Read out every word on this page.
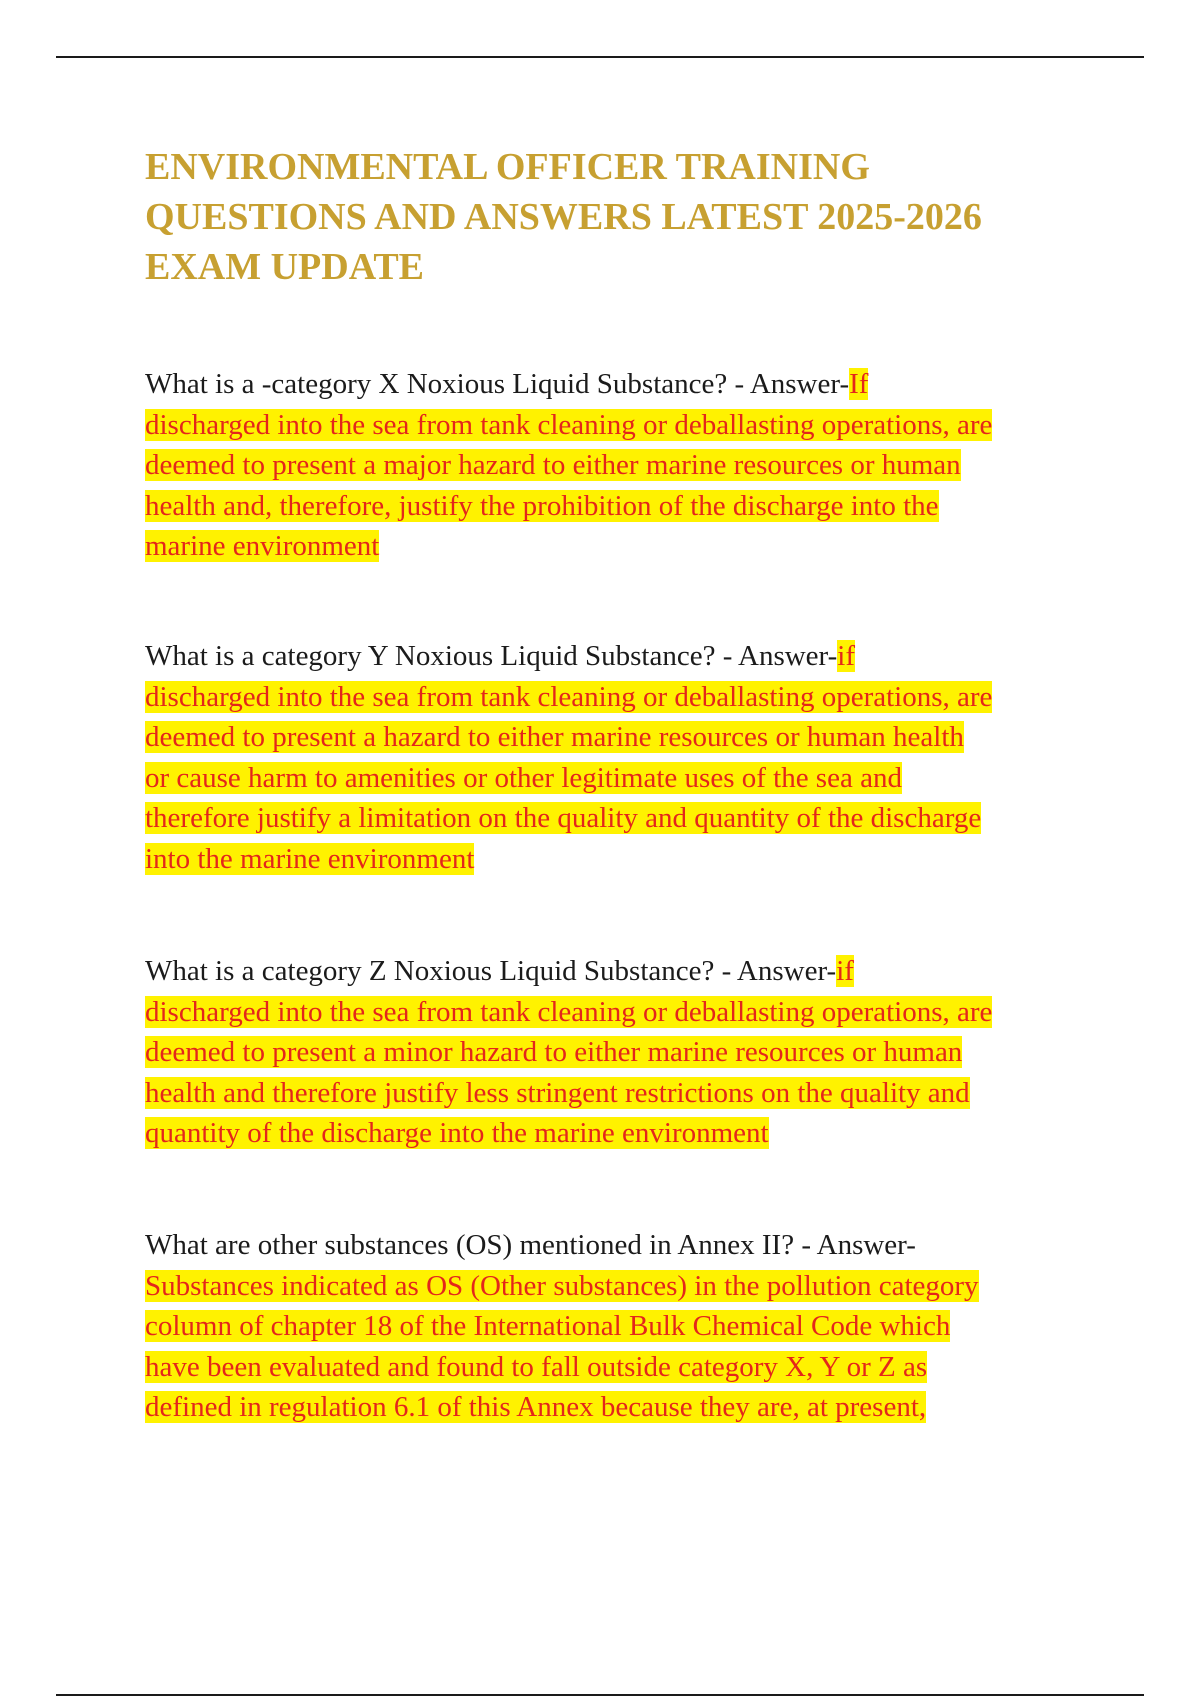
ENVIRONMENTAL OFFICER TRAINING
QUESTIONS AND ANSWERS LATEST 2025-2026
EXAM UPDATE

What is a -category X Noxious Liquid Substance? - Answer-If
discharged into the sea from tank cleaning or deballasting operations, are
deemed to present a major hazard to either marine resources or human
health and, therefore, justify the prohibition of the discharge into the
marine environment

What is a category Y Noxious Liquid Substance? - Answer-if
discharged into the sea from tank cleaning or deballasting operations, are
deemed to present a hazard to either marine resources or human health
or cause harm to amenities or other legitimate uses of the sea and
therefore justify a limitation on the quality and quantity of the discharge
into the marine environment

What is a category Z Noxious Liquid Substance? - Answer-if
discharged into the sea from tank cleaning or deballasting operations, are
deemed to present a minor hazard to either marine resources or human
health and therefore justify less stringent restrictions on the quality and
quantity of the discharge into the marine environment

What are other substances (OS) mentioned in Annex II? - Answer-
Substances indicated as OS (Other substances) in the pollution category
column of chapter 18 of the International Bulk Chemical Code which
have been evaluated and found to fall outside category X, Y or Z as
defined in regulation 6.1 of this Annex because they are, at present,
